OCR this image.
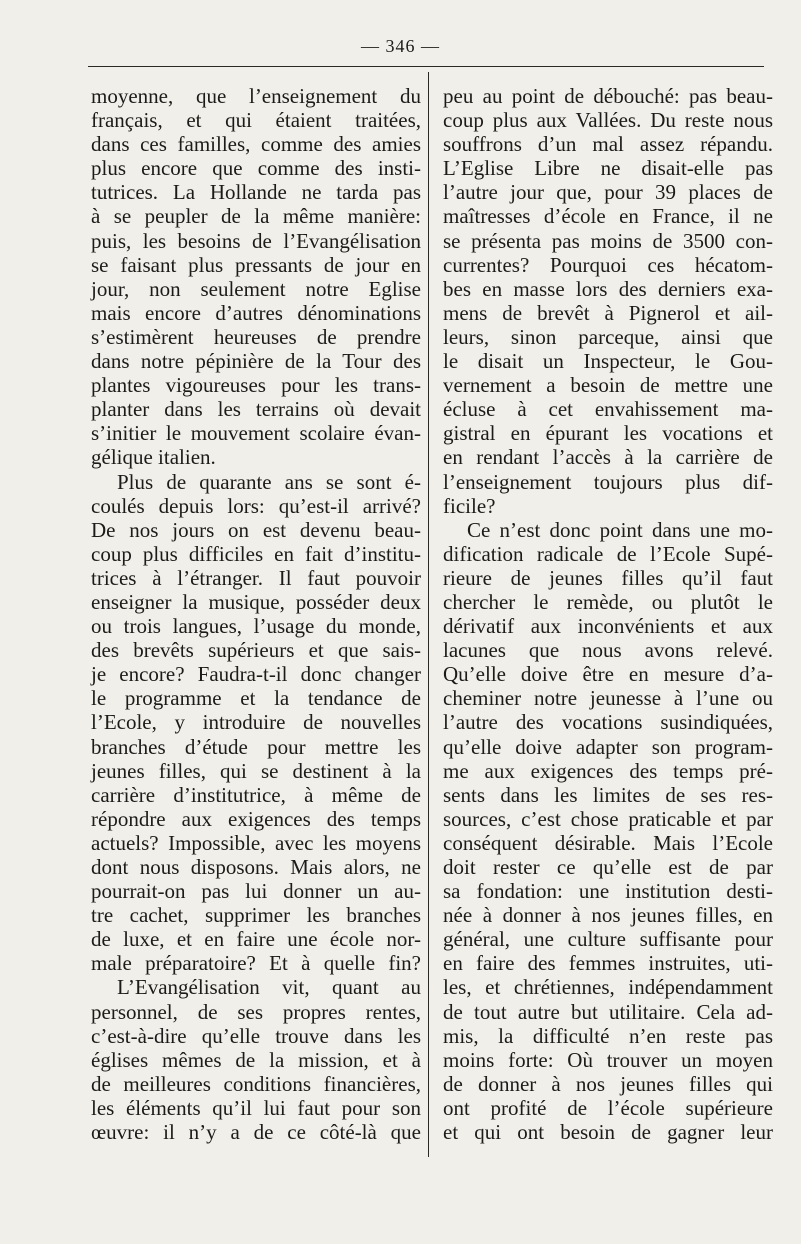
— 346 —
moyenne, que l’enseignement du
français, et qui étaient traitées,
dans ces familles, comme des amies
plus encore que comme des insti-
tutrices. La Hollande ne tarda pas
à se peupler de la même manière:
puis, les besoins de l’Evangélisation
se faisant plus pressants de jour en
jour, non seulement notre Eglise
mais encore d’autres dénominations
s’estimèrent heureuses de prendre
dans notre pépinière de la Tour des
plantes vigoureuses pour les trans-
planter dans les terrains où devait
s’initier le mouvement scolaire évan-
gélique italien.
Plus de quarante ans se sont é-
coulés depuis lors: qu’est-il arrivé?
De nos jours on est devenu beau-
coup plus difficiles en fait d’institu-
trices à l’étranger. Il faut pouvoir
enseigner la musique, posséder deux
ou trois langues, l’usage du monde,
des brevêts supérieurs et que sais-
je encore? Faudra-t-il donc changer
le programme et la tendance de
l’Ecole, y introduire de nouvelles
branches d’étude pour mettre les
jeunes filles, qui se destinent à la
carrière d’institutrice, à même de
répondre aux exigences des temps
actuels? Impossible, avec les moyens
dont nous disposons. Mais alors, ne
pourrait-on pas lui donner un au-
tre cachet, supprimer les branches
de luxe, et en faire une école nor-
male préparatoire? Et à quelle fin?
L’Evangélisation vit, quant au
personnel, de ses propres rentes,
c’est-à-dire qu’elle trouve dans les
églises mêmes de la mission, et à
de meilleures conditions financières,
les éléments qu’il lui faut pour son
œuvre: il n’y a de ce côté-là que
peu au point de débouché: pas beau-
coup plus aux Vallées. Du reste nous
souffrons d’un mal assez répandu.
L’Eglise Libre ne disait-elle pas
l’autre jour que, pour 39 places de
maîtresses d’école en France, il ne
se présenta pas moins de 3500 con-
currentes? Pourquoi ces hécatom-
bes en masse lors des derniers exa-
mens de brevêt à Pignerol et ail-
leurs, sinon parceque, ainsi que
le disait un Inspecteur, le Gou-
vernement a besoin de mettre une
écluse à cet envahissement ma-
gistral en épurant les vocations et
en rendant l’accès à la carrière de
l’enseignement toujours plus dif-
ficile?
Ce n’est donc point dans une mo-
dification radicale de l’Ecole Supé-
rieure de jeunes filles qu’il faut
chercher le remède, ou plutôt le
dérivatif aux inconvénients et aux
lacunes que nous avons relevé.
Qu’elle doive être en mesure d’a-
cheminer notre jeunesse à l’une ou
l’autre des vocations susindiquées,
qu’elle doive adapter son program-
me aux exigences des temps pré-
sents dans les limites de ses res-
sources, c’est chose praticable et par
conséquent désirable. Mais l’Ecole
doit rester ce qu’elle est de par
sa fondation: une institution desti-
née à donner à nos jeunes filles, en
général, une culture suffisante pour
en faire des femmes instruites, uti-
les, et chrétiennes, indépendamment
de tout autre but utilitaire. Cela ad-
mis, la difficulté n’en reste pas
moins forte: Où trouver un moyen
de donner à nos jeunes filles qui
ont profité de l’école supérieure
et qui ont besoin de gagner leur
